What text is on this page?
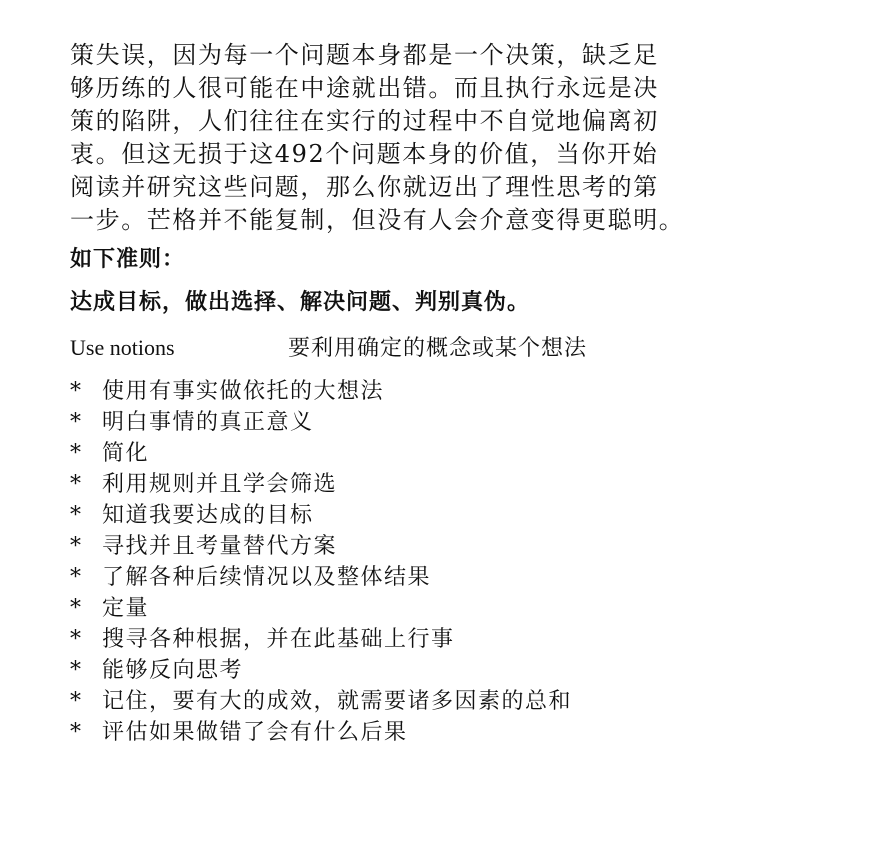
策失误，因为每一个问题本身都是一个决策，缺乏足
够历练的人很可能在中途就出错。而且执行永远是决
策的陷阱，人们往往在实行的过程中不自觉地偏离初
衷。但这无损于这492个问题本身的价值，当你开始
阅读并研究这些问题，那么你就迈出了理性思考的第
一步。芒格并不能复制，但没有人会介意变得更聪明。
如下准则：
达成目标，做出选择、解决问题、判别真伪。
Use notions	要利用确定的概念或某个想法
* 使用有事实做依托的大想法
* 明白事情的真正意义
* 简化
* 利用规则并且学会筛选
* 知道我要达成的目标
* 寻找并且考量替代方案
* 了解各种后续情况以及整体结果
* 定量
* 搜寻各种根据，并在此基础上行事
* 能够反向思考
* 记住，要有大的成效，就需要诸多因素的总和
* 评估如果做错了会有什么后果
